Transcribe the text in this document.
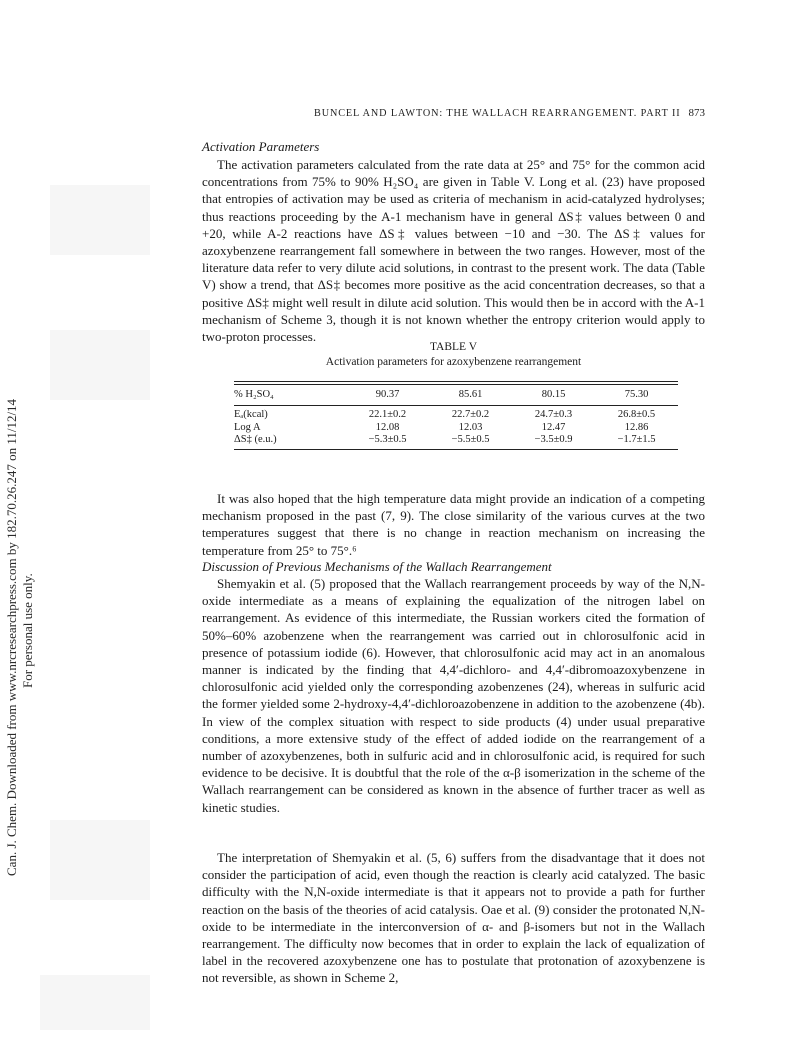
Can. J. Chem. Downloaded from www.nrcresearchpress.com by 182.70.26.247 on 11/12/14 For personal use only.
BUNCEL AND LAWTON: THE WALLACH REARRANGEMENT. PART II 873
Activation Parameters
The activation parameters calculated from the rate data at 25° and 75° for the common acid concentrations from 75% to 90% H₂SO₄ are given in Table V. Long et al. (23) have proposed that entropies of activation may be used as criteria of mechanism in acid-catalyzed hydrolyses; thus reactions proceeding by the A-1 mechanism have in general ΔS‡ values between 0 and +20, while A-2 reactions have ΔS‡ values between −10 and −30. The ΔS‡ values for azoxybenzene rearrangement fall somewhere in between the two ranges. However, most of the literature data refer to very dilute acid solutions, in contrast to the present work. The data (Table V) show a trend, that ΔS‡ becomes more positive as the acid concentration decreases, so that a positive ΔS‡ might well result in dilute acid solution. This would then be in accord with the A-1 mechanism of Scheme 3, though it is not known whether the entropy criterion would apply to two-proton processes.
TABLE V
Activation parameters for azoxybenzene rearrangement
% H₂SO₄	90.37	85.61	80.15	75.30
Eₐ(kcal)	22.1±0.2	22.7±0.2	24.7±0.3	26.8±0.5
Log A	12.08	12.03	12.47	12.86
ΔS‡ (e.u.)	−5.3±0.5	−5.5±0.5	−3.5±0.9	−1.7±1.5
It was also hoped that the high temperature data might provide an indication of a competing mechanism proposed in the past (7, 9). The close similarity of the various curves at the two temperatures suggest that there is no change in reaction mechanism on increasing the temperature from 25° to 75°.⁶
Discussion of Previous Mechanisms of the Wallach Rearrangement
Shemyakin et al. (5) proposed that the Wallach rearrangement proceeds by way of the N,N-oxide intermediate as a means of explaining the equalization of the nitrogen label on rearrangement. As evidence of this intermediate, the Russian workers cited the formation of 50%–60% azobenzene when the rearrangement was carried out in chlorosulfonic acid in presence of potassium iodide (6). However, that chlorosulfonic acid may act in an anomalous manner is indicated by the finding that 4,4′-dichloro- and 4,4′-dibromoazoxybenzene in chlorosulfonic acid yielded only the corresponding azobenzenes (24), whereas in sulfuric acid the former yielded some 2-hydroxy-4,4′-dichloroazobenzene in addition to the azobenzene (4b). In view of the complex situation with respect to side products (4) under usual preparative conditions, a more extensive study of the effect of added iodide on the rearrangement of a number of azoxybenzenes, both in sulfuric acid and in chlorosulfonic acid, is required for such evidence to be decisive. It is doubtful that the role of the α-β isomerization in the scheme of the Wallach rearrangement can be considered as known in the absence of further tracer as well as kinetic studies.
The interpretation of Shemyakin et al. (5, 6) suffers from the disadvantage that it does not consider the participation of acid, even though the reaction is clearly acid catalyzed. The basic difficulty with the N,N-oxide intermediate is that it appears not to provide a path for further reaction on the basis of the theories of acid catalysis. Oae et al. (9) consider the protonated N,N-oxide to be intermediate in the interconversion of α- and β-isomers but not in the Wallach rearrangement. The difficulty now becomes that in order to explain the lack of equalization of label in the recovered azoxybenzene one has to postulate that protonation of azoxybenzene is not reversible, as shown in Scheme 2,
